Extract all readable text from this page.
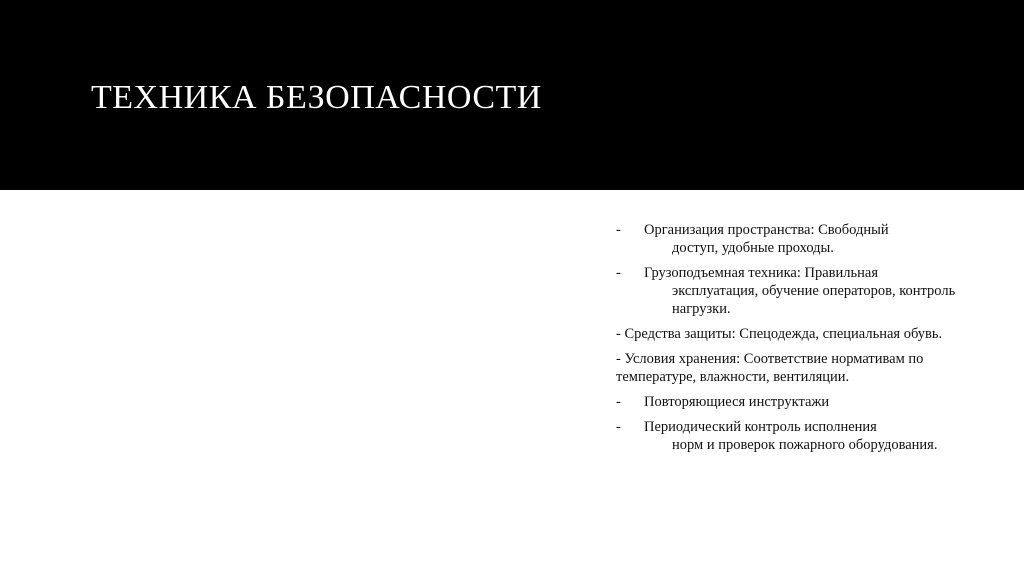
ТЕХНИКА БЕЗОПАСНОСТИ
- Организация пространства: Свободный
доступ, удобные проходы.
- Грузоподъемная техника: Правильная
эксплуатация, обучение операторов, контроль нагрузки.
- Средства защиты: Спецодежда, специальная обувь.
- Условия хранения: Соответствие нормативам по температуре, влажности, вентиляции.
- Повторяющиеся инструктажи
- Периодический контроль исполнения
норм и проверок пожарного оборудования.
